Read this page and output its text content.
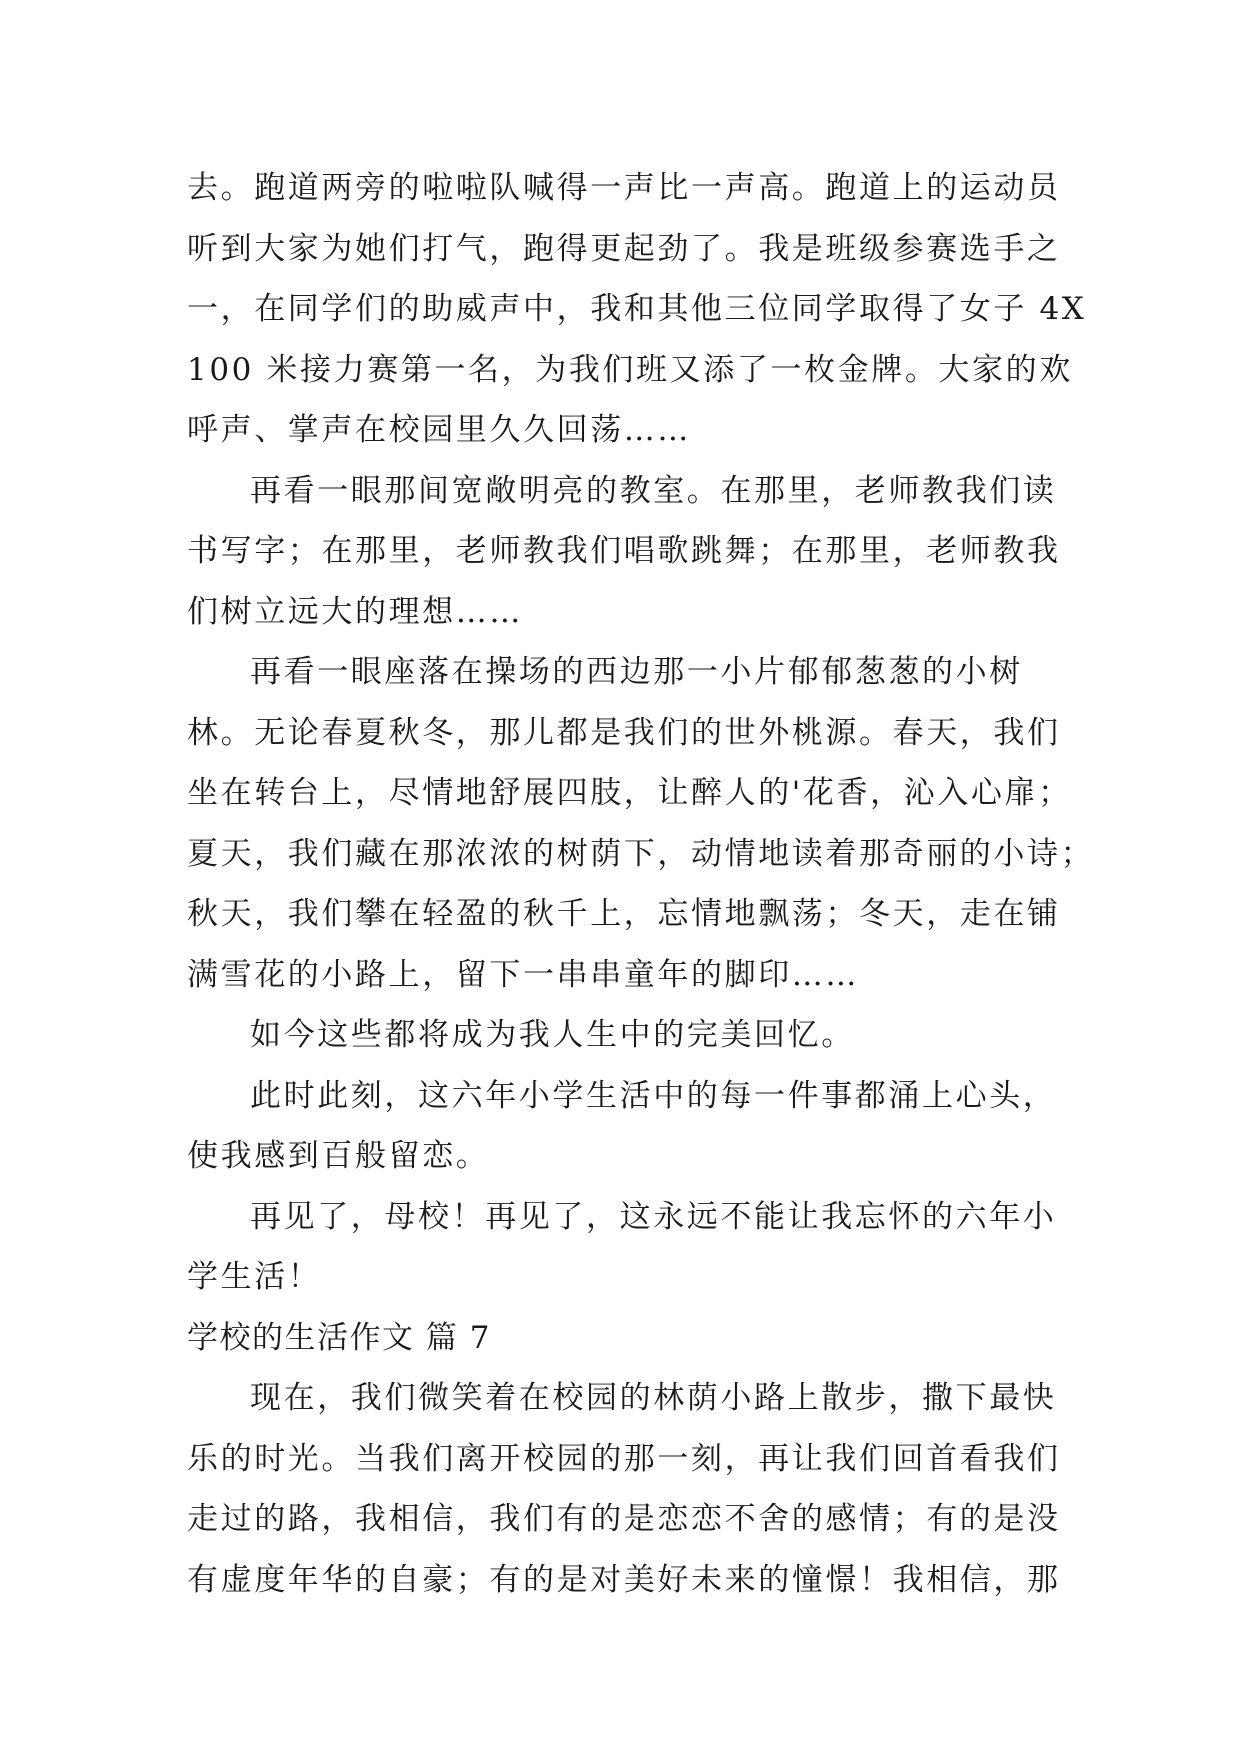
去。跑道两旁的啦啦队喊得一声比一声高。跑道上的运动员
听到大家为她们打气，跑得更起劲了。我是班级参赛选手之
一，在同学们的助威声中，我和其他三位同学取得了女子 4X
100 米接力赛第一名，为我们班又添了一枚金牌。大家的欢
呼声、掌声在校园里久久回荡……

再看一眼那间宽敞明亮的教室。在那里，老师教我们读
书写字；在那里，老师教我们唱歌跳舞；在那里，老师教我
们树立远大的理想……

再看一眼座落在操场的西边那一小片郁郁葱葱的小树
林。无论春夏秋冬，那儿都是我们的世外桃源。春天，我们
坐在转台上，尽情地舒展四肢，让醉人的'花香，沁入心扉；
夏天，我们藏在那浓浓的树荫下，动情地读着那奇丽的小诗；
秋天，我们攀在轻盈的秋千上，忘情地飘荡；冬天，走在铺
满雪花的小路上，留下一串串童年的脚印……

如今这些都将成为我人生中的完美回忆。

此时此刻，这六年小学生活中的每一件事都涌上心头，
使我感到百般留恋。

再见了，母校！再见了，这永远不能让我忘怀的六年小
学生活！

学校的生活作文 篇 7

现在，我们微笑着在校园的林荫小路上散步，撒下最快
乐的时光。当我们离开校园的那一刻，再让我们回首看我们
走过的路，我相信，我们有的是恋恋不舍的感情；有的是没
有虚度年华的自豪；有的是对美好未来的憧憬！我相信，那
